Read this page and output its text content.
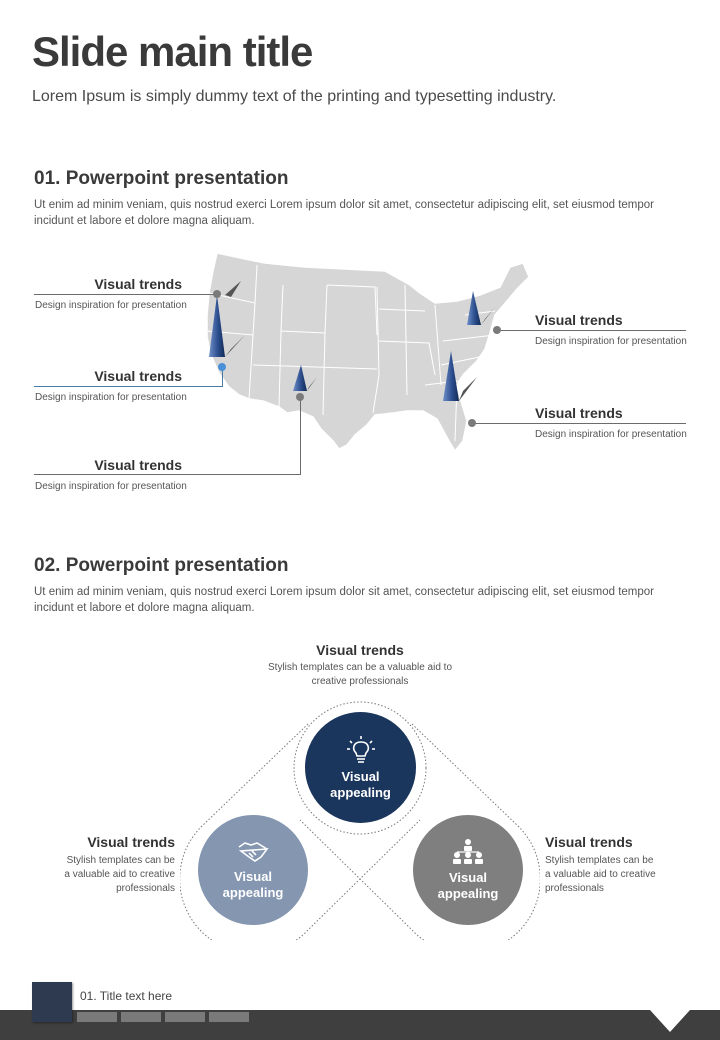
Slide main title
Lorem Ipsum is simply dummy text of the printing and typesetting industry.
01. Powerpoint presentation
Ut enim ad minim veniam, quis nostrud exerci Lorem ipsum dolor sit amet, consectetur adipiscing elit, set eiusmod tempor incidunt et labore et dolore magna aliquam.
Visual trends
Design inspiration for presentation
Visual trends
Design inspiration for presentation
Visual trends
Design inspiration for presentation
Visual trends
Design inspiration for presentation
Visual trends
Design inspiration for presentation
02. Powerpoint presentation
Ut enim ad minim veniam, quis nostrud exerci Lorem ipsum dolor sit amet, consectetur adipiscing elit, set eiusmod tempor incidunt et labore et dolore magna aliquam.
Visual trends
Stylish templates can be a valuable aid to creative professionals
Visual appealing
Visual appealing
Visual appealing
Visual trends
Stylish templates can be a valuable aid to creative professionals
Visual trends
Stylish templates can be a valuable aid to creative professionals
01. Title text here
